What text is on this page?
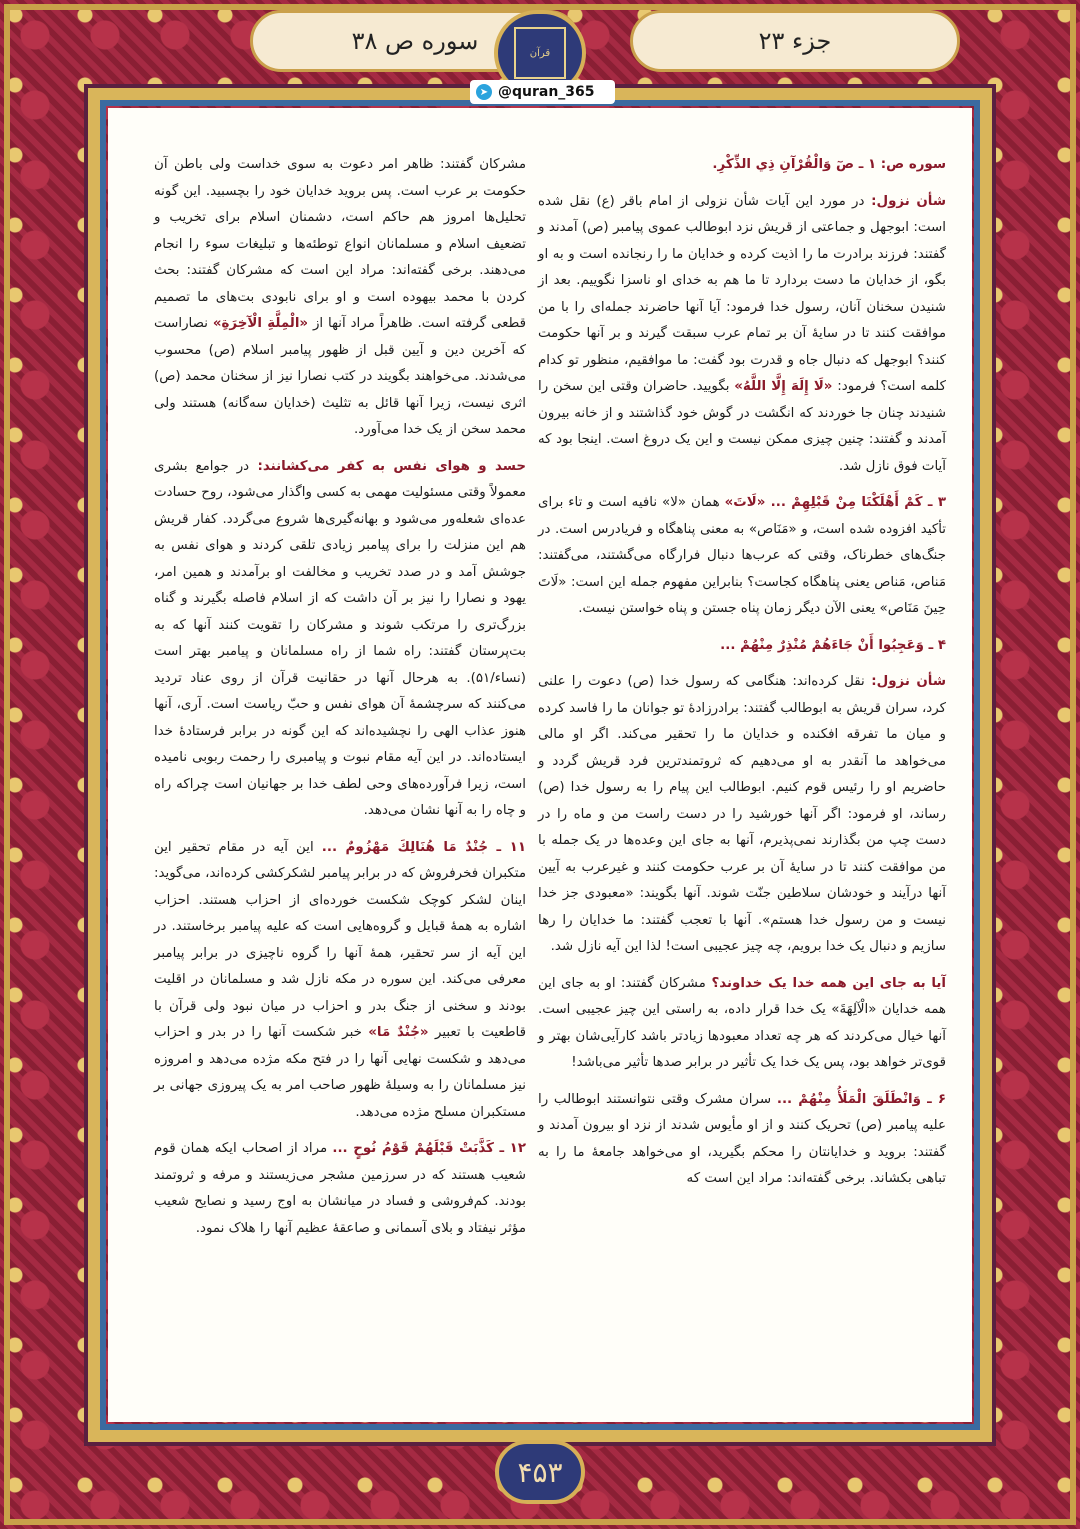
جزء ۲۳
سوره ص ۳۸	قرآن
➤ @quran_365

سوره ص: ۱ ـ صٓ وَالْقُرْآنِ ذِي الذِّكْرِ.

شأن نزول: در مورد این آیات شأن نزولی از امام باقر (ع) نقل شده است: ابوجهل و جماعتی از قریش نزد ابوطالب عموی پیامبر (ص) آمدند و گفتند: فرزند برادرت ما را اذیت کرده و خدایان ما را رنجانده است و به او بگو، از خدایان ما دست بردارد تا ما هم به خدای او ناسزا نگوییم. بعد از شنیدن سخنان آنان، رسول خدا فرمود: آیا آنها حاضرند جمله‌ای را با من موافقت کنند تا در سایهٔ آن بر تمام عرب سبقت گیرند و بر آنها حکومت کنند؟ ابوجهل که دنبال جاه و قدرت بود گفت: ما موافقیم، منظور تو کدام کلمه است؟ فرمود: «لَا إِلَهَ إِلَّا اللَّهُ» بگویید. حاضران وقتی این سخن را شنیدند چنان جا خوردند که انگشت در گوش خود گذاشتند و از خانه بیرون آمدند و گفتند: چنین چیزی ممکن نیست و این یک دروغ است. اینجا بود که آیات فوق نازل شد.

۳ ـ كَمْ أَهْلَكْنَا مِنْ قَبْلِهِمْ ... «لَاتَ» همان «لا» نافیه است و تاء برای تأکید افزوده شده است، و «مَنَاص» به معنی پناهگاه و فریادرس است. در جنگ‌های خطرناک، وقتی که عرب‌ها دنبال فرارگاه می‌گشتند، می‌گفتند: مَناص، مَناص یعنی پناهگاه کجاست؟ بنابراین مفهوم جمله این است: «لَاتَ حِينَ مَنَاص» یعنی الآن دیگر زمان پناه جستن و پناه خواستن نیست.

۴ ـ وَعَجِبُوا أَنْ جَاءَهُمْ مُنْذِرٌ مِنْهُمْ ...

شأن نزول: نقل کرده‌اند: هنگامی که رسول خدا (ص) دعوت را علنی کرد، سران قریش به ابوطالب گفتند: برادرزادهٔ تو جوانان ما را فاسد کرده و میان ما تفرقه افکنده و خدایان ما را تحقیر می‌کند. اگر او مالی می‌خواهد ما آنقدر به او می‌دهیم که ثروتمندترین فرد قریش گردد و حاضریم او را رئیس قوم کنیم. ابوطالب این پیام را به رسول خدا (ص) رساند، او فرمود: اگر آنها خورشید را در دست راست من و ماه را در دست چپ من بگذارند نمی‌پذیرم، آنها به جای این وعده‌ها در یک جمله با من موافقت کنند تا در سایهٔ آن بر عرب حکومت کنند و غیرعرب به آیین آنها درآیند و خودشان سلاطین جنّت شوند. آنها بگویند: «معبودی جز خدا نیست و من رسول خدا هستم». آنها با تعجب گفتند: ما خدایان را رها سازیم و دنبال یک خدا برویم، چه چیز عجیبی است! لذا این آیه نازل شد.

آیا به جای این همه خدا یک خداوند؟ مشرکان گفتند: او به جای این همه خدایان «الْآلِهَةَ» یک خدا قرار داده، به راستی این چیز عجیبی است. آنها خیال می‌کردند که هر چه تعداد معبودها زیادتر باشد کارآیی‌شان بهتر و قوی‌تر خواهد بود، پس یک خدا یک تأثیر در برابر صدها تأثیر می‌باشد!

۶ ـ وَانْطَلَقَ الْمَلَأُ مِنْهُمْ ... سران مشرک وقتی نتوانستند ابوطالب را علیه پیامبر (ص) تحریک کنند و از او مأیوس شدند از نزد او بیرون آمدند و گفتند: بروید و خدایانتان را محکم بگیرید، او می‌خواهد جامعهٔ ما را به تباهی بکشاند. برخی گفته‌اند: مراد این است که

مشرکان گفتند: ظاهر امر دعوت به سوی خداست ولی باطن آن حکومت بر عرب است. پس بروید خدایان خود را بچسبید. این گونه تحلیل‌ها امروز هم حاکم است، دشمنان اسلام برای تخریب و تضعیف اسلام و مسلمانان انواع توطئه‌ها و تبلیغات سوء را انجام می‌دهند. برخی گفته‌اند: مراد این است که مشرکان گفتند: بحث کردن با محمد بیهوده است و او برای نابودی بت‌های ما تصمیم قطعی گرفته است. ظاهراً مراد آنها از «الْمِلَّةِ الْآخِرَةِ» نصاراست که آخرین دین و آیین قبل از ظهور پیامبر اسلام (ص) محسوب می‌شدند. می‌خواهند بگویند در کتب نصارا نیز از سخنان محمد (ص) اثری نیست، زیرا آنها قائل به تثلیث (خدایان سه‌گانه) هستند ولی محمد سخن از یک خدا می‌آورد.

حسد و هوای نفس به کفر می‌کشانند: در جوامع بشری معمولاً وقتی مسئولیت مهمی به کسی واگذار می‌شود، روح حسادت عده‌ای شعله‌ور می‌شود و بهانه‌گیری‌ها شروع می‌گردد. کفار قریش هم این منزلت را برای پیامبر زیادی تلقی کردند و هوای نفس به جوشش آمد و در صدد تخریب و مخالفت او برآمدند و همین امر، یهود و نصارا را نیز بر آن داشت که از اسلام فاصله بگیرند و گناه بزرگ‌تری را مرتکب شوند و مشرکان را تقویت کنند آنها که به بت‌پرستان گفتند: راه شما از راه مسلمانان و پیامبر بهتر است (نساء/۵۱). به هرحال آنها در حقانیت قرآن از روی عناد تردید می‌کنند که سرچشمهٔ آن هوای نفس و حبّ ریاست است. آری، آنها هنوز عذاب الهی را نچشیده‌اند که این گونه در برابر فرستادهٔ خدا ایستاده‌اند. در این آیه مقام نبوت و پیامبری را رحمت ربوبی نامیده است، زیرا فرآورده‌های وحی لطف خدا بر جهانیان است چراکه راه و چاه را به آنها نشان می‌دهد.

۱۱ ـ جُنْدٌ مَا هُنَالِكَ مَهْزُومٌ ... این آیه در مقام تحقیر این متکبران فخرفروش که در برابر پیامبر لشکرکشی کرده‌اند، می‌گوید: اینان لشکر کوچک شکست خورده‌ای از احزاب هستند. احزاب اشاره به همهٔ قبایل و گروه‌هایی است که علیه پیامبر برخاستند. در این آیه از سر تحقیر، همهٔ آنها را گروه ناچیزی در برابر پیامبر معرفی می‌کند. این سوره در مکه نازل شد و مسلمانان در اقلیت بودند و سخنی از جنگ بدر و احزاب در میان نبود ولی قرآن با قاطعیت با تعبیر «جُنْدٌ مَا» خبر شکست آنها را در بدر و احزاب می‌دهد و شکست نهایی آنها را در فتح مکه مژده می‌دهد و امروزه نیز مسلمانان را به وسیلهٔ ظهور صاحب امر به یک پیروزی جهانی بر مستکبران مسلح مژده می‌دهد.

۱۲ ـ كَذَّبَتْ قَبْلَهُمْ قَوْمُ نُوحٍ ... مراد از اصحاب ایکه همان قوم شعیب هستند که در سرزمین مشجر می‌زیستند و مرفه و ثروتمند بودند. کم‌فروشی و فساد در میانشان به اوج رسید و نصایح شعیب مؤثر نیفتاد و بلای آسمانی و صاعقهٔ عظیم آنها را هلاک نمود.

۴۵۳
